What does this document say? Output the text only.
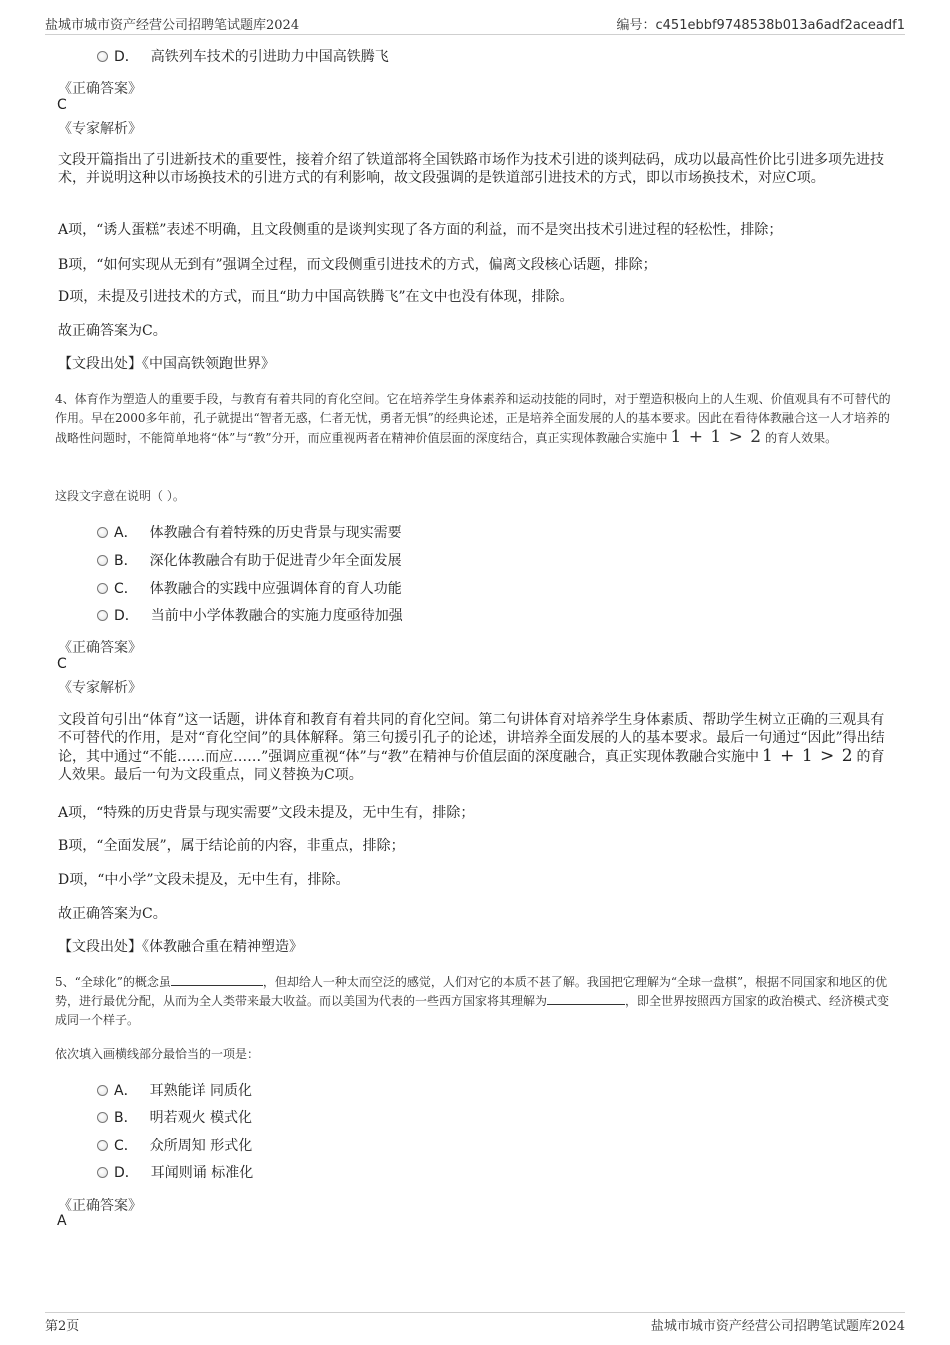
盐城市城市资产经营公司招聘笔试题库2024	编号：c451ebbf9748538b013a6adf2aceadf1
D． 高铁列车技术的引进助力中国高铁腾飞
《正确答案》
C
《专家解析》
文段开篇指出了引进新技术的重要性，接着介绍了铁道部将全国铁路市场作为技术引进的谈判砝码，成功以最高性价比引进多项先进技术，并说明这种以市场换技术的引进方式的有利影响，故文段强调的是铁道部引进技术的方式，即以市场换技术，对应C项。
A项，“诱人蛋糕”表述不明确，且文段侧重的是谈判实现了各方面的利益，而不是突出技术引进过程的轻松性，排除；
B项，“如何实现从无到有”强调全过程，而文段侧重引进技术的方式，偏离文段核心话题，排除；
D项，未提及引进技术的方式，而且“助力中国高铁腾飞”在文中也没有体现，排除。
故正确答案为C。
【文段出处】《中国高铁领跑世界》
4、体育作为塑造人的重要手段，与教育有着共同的育化空间。它在培养学生身体素养和运动技能的同时，对于塑造积极向上的人生观、价值观具有不可替代的作用。早在2000多年前，孔子就提出“智者无惑，仁者无忧，勇者无惧”的经典论述，正是培养全面发展的人的基本要求。因此在看待体教融合这一人才培养的战略性问题时，不能简单地将“体”与“教”分开，而应重视两者在精神价值层面的深度结合，真正实现体教融合实施中 1 + 1 > 2 的育人效果。
这段文字意在说明（ ）。
A． 体教融合有着特殊的历史背景与现实需要
B． 深化体教融合有助于促进青少年全面发展
C． 体教融合的实践中应强调体育的育人功能
D． 当前中小学体教融合的实施力度亟待加强
《正确答案》
C
《专家解析》
文段首句引出“体育”这一话题，讲体育和教育有着共同的育化空间。第二句讲体育对培养学生身体素质、帮助学生树立正确的三观具有不可替代的作用，是对“育化空间”的具体解释。第三句援引孔子的论述，讲培养全面发展的人的基本要求。最后一句通过“因此”得出结论，其中通过“不能……而应……”强调应重视“体”与“教”在精神与价值层面的深度融合，真正实现体教融合实施中 1 + 1 > 2 的育人效果。最后一句为文段重点，同义替换为C项。
A项，“特殊的历史背景与现实需要”文段未提及，无中生有，排除；
B项，“全面发展”，属于结论前的内容，非重点，排除；
D项，“中小学”文段未提及，无中生有，排除。
故正确答案为C。
【文段出处】《体教融合重在精神塑造》
5、“全球化”的概念虽	，但却给人一种太而空泛的感觉，人们对它的本质不甚了解。我国把它理解为“全球一盘棋”，根据不同国家和地区的优势，进行最优分配，从而为全人类带来最大收益。而以美国为代表的一些西方国家将其理解为	，即全世界按照西方国家的政治模式、经济模式变成同一个样子。
依次填入画横线部分最恰当的一项是：
A． 耳熟能详 同质化
B． 明若观火 模式化
C． 众所周知 形式化
D． 耳闻则诵 标准化
《正确答案》
A
第2页	盐城市城市资产经营公司招聘笔试题库2024
